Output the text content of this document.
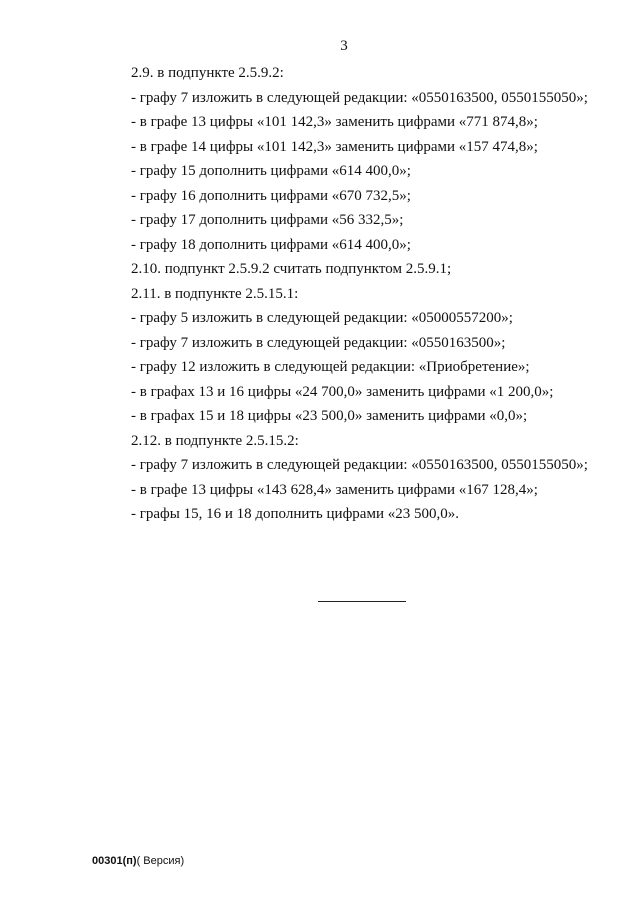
3
2.9. в подпункте 2.5.9.2:
- графу 7 изложить в следующей редакции: «0550163500, 0550155050»;
- в графе 13 цифры «101 142,3» заменить цифрами «771 874,8»;
- в графе 14 цифры «101 142,3» заменить цифрами «157 474,8»;
- графу 15 дополнить цифрами «614 400,0»;
- графу 16 дополнить цифрами «670 732,5»;
- графу 17 дополнить цифрами «56 332,5»;
- графу 18 дополнить цифрами «614 400,0»;
2.10. подпункт 2.5.9.2 считать подпунктом 2.5.9.1;
2.11. в подпункте 2.5.15.1:
- графу 5 изложить в следующей редакции: «05000557200»;
- графу 7 изложить в следующей редакции: «0550163500»;
- графу 12 изложить в следующей редакции: «Приобретение»;
- в графах 13 и 16 цифры «24 700,0» заменить цифрами «1 200,0»;
- в графах 15 и 18 цифры «23 500,0» заменить цифрами «0,0»;
2.12. в подпункте 2.5.15.2:
- графу 7 изложить в следующей редакции: «0550163500, 0550155050»;
- в графе 13 цифры «143 628,4» заменить цифрами «167 128,4»;
- графы 15, 16 и 18 дополнить цифрами «23 500,0».
00301(п)( Версия)
